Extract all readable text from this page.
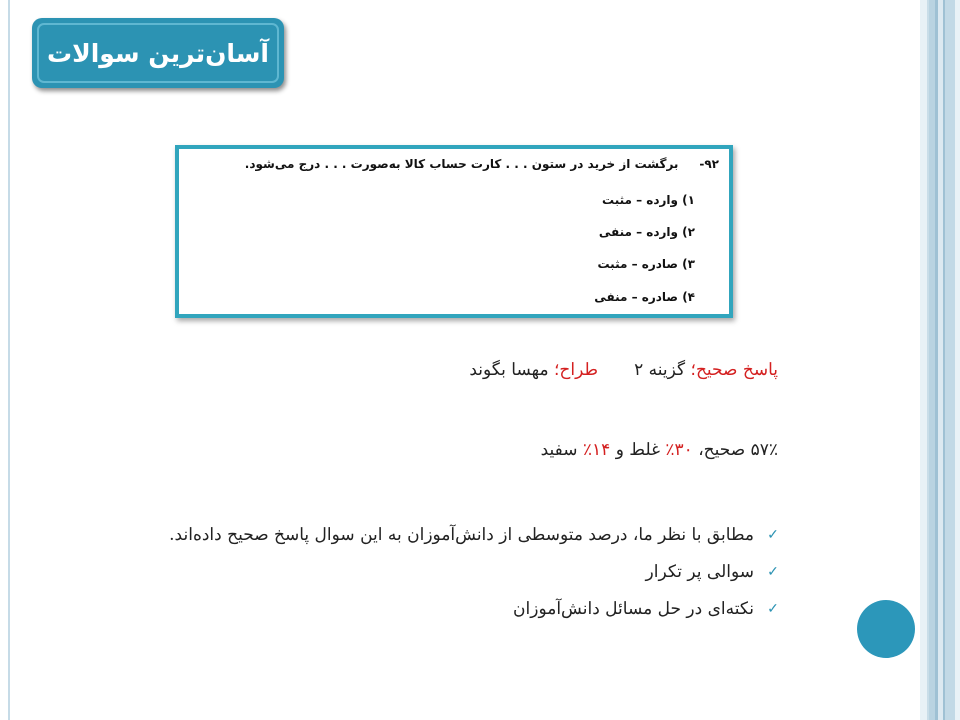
آسان‌ترین سوالات
۹۲-     برگشت از خرید در ستون . . . کارت حساب کالا به‌صورت . . . درج می‌شود.
۱) وارده – مثبت
۲) وارده – منفی
۳) صادره – مثبت
۴) صادره – منفی
پاسخ صحیح؛ گزینه ۲
طراح؛ مهسا بگوند
۵۷٪ صحیح، ۳۰٪ غلط و ۱۴٪ سفید
✓
مطابق با نظر ما، درصد متوسطی از دانش‌آموزان به این سوال پاسخ صحیح داده‌اند.
✓
سوالی پر تکرار
✓
نکته‌ای در حل مسائل دانش‌آموزان
